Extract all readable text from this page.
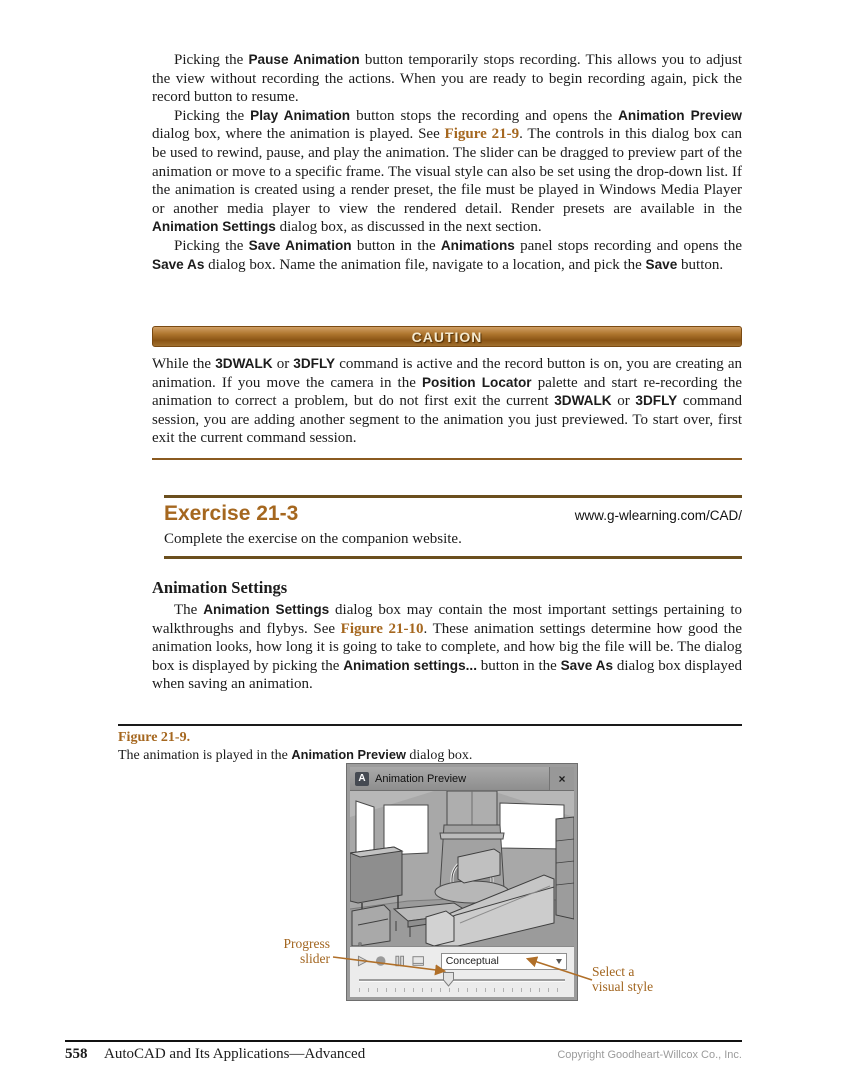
Picking the Pause Animation button temporarily stops recording. This allows you to adjust the view without recording the actions. When you are ready to begin recording again, pick the record button to resume.

Picking the Play Animation button stops the recording and opens the Animation Preview dialog box, where the animation is played. See Figure 21-9. The controls in this dialog box can be used to rewind, pause, and play the animation. The slider can be dragged to preview part of the animation or move to a specific frame. The visual style can also be set using the drop-down list. If the animation is created using a render preset, the file must be played in Windows Media Player or another media player to view the rendered detail. Render presets are available in the Animation Settings dialog box, as discussed in the next section.

Picking the Save Animation button in the Animations panel stops recording and opens the Save As dialog box. Name the animation file, navigate to a location, and pick the Save button.

CAUTION

While the 3DWALK or 3DFLY command is active and the record button is on, you are creating an animation. If you move the camera in the Position Locator palette and start re-recording the animation to correct a problem, but do not first exit the current 3DWALK or 3DFLY command session, you are adding another segment to the animation you just previewed. To start over, first exit the current command session.

Exercise 21-3	www.g-wlearning.com/CAD/

Complete the exercise on the companion website.

Animation Settings

The Animation Settings dialog box may contain the most important settings pertaining to walkthroughs and flybys. See Figure 21-10. These animation settings determine how good the animation looks, how long it is going to take to complete, and how big the file will be. The dialog box is displayed by picking the Animation settings... button in the Save As dialog box displayed when saving an animation.

Figure 21-9.

The animation is played in the Animation Preview dialog box.

A Animation Preview	×
Conceptual
Progress
slider
Select a
visual style
558 AutoCAD and Its Applications—Advanced	Copyright Goodheart-Willcox Co., Inc.
